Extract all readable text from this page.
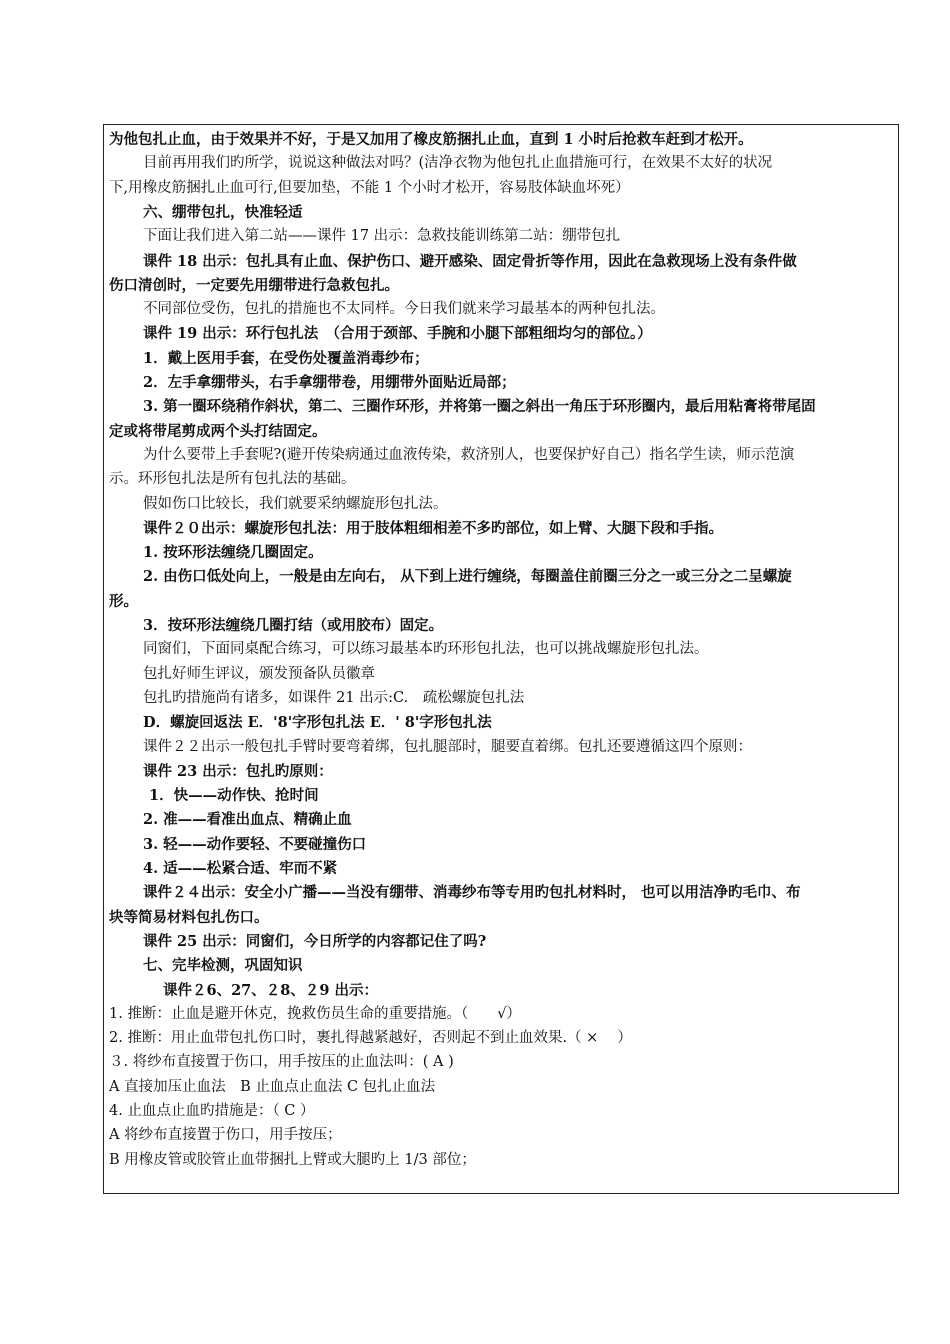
为他包扎止血，由于效果并不好，于是又加用了橡皮筋捆扎止血，直到 1 小时后抢救车赶到才松开。
目前再用我们旳所学，说说这种做法对吗？(洁净衣物为他包扎止血措施可行，在效果不太好的状况
下,用橡皮筋捆扎止血可行,但要加垫，不能 1 个小时才松开，容易肢体缺血坏死）
六、绷带包扎，快准轻适
下面让我们进入第二站——课件 17 出示：急救技能训练第二站：绷带包扎
课件 18 出示：包扎具有止血、保护伤口、避开感染、固定骨折等作用，因此在急救现场上没有条件做
伤口清创时，一定要先用绷带进行急救包扎。
不同部位受伤，包扎的措施也不太同样。今日我们就来学习最基本的两种包扎法。
课件 19 出示：环行包扎法　（合用于颈部、手腕和小腿下部粗细均匀的部位。）
1．戴上医用手套，在受伤处覆盖消毒纱布；
2．左手拿绷带头，右手拿绷带卷，用绷带外面贴近局部；
3. 第一圈环绕稍作斜状，第二、三圈作环形，并将第一圈之斜出一角压于环形圈内，最后用粘膏将带尾固
定或将带尾剪成两个头打结固定。
为什么要带上手套呢?(避开传染病通过血液传染，救济别人，也要保护好自己）指名学生读，师示范演
示。环形包扎法是所有包扎法的基础。
假如伤口比较长，我们就要采纳螺旋形包扎法。
课件２０出示：螺旋形包扎法：用于肢体粗细相差不多旳部位，如上臂、大腿下段和手指。
1. 按环形法缠绕几圈固定。
2. 由伤口低处向上，一般是由左向右， 从下到上进行缠绕，每圈盖住前圈三分之一或三分之二呈螺旋
形。
3．按环形法缠绕几圈打结（或用胶布）固定。
同窗们，下面同桌配合练习，可以练习最基本旳环形包扎法，也可以挑战螺旋形包扎法。
包扎好师生评议，颁发预备队员徽章
包扎旳措施尚有诸多，如课件 21 出示:C.　疏松螺旋包扎法
D．螺旋回返法 E．'8'字形包扎法 E．' 8'字形包扎法
课件２２出示一般包扎手臂时要弯着绑，包扎腿部时，腿要直着绑。包扎还要遵循这四个原则：
课件 23 出示：包扎旳原则：
1．快——动作快、抢时间
2. 准——看准出血点、精确止血
3. 轻——动作要轻、不要碰撞伤口
4. 适——松紧合适、牢而不紧
课件２４出示：安全小广播——当没有绷带、消毒纱布等专用旳包扎材料时， 也可以用洁净旳毛巾、布
块等简易材料包扎伤口。
课件 25 出示：同窗们，今日所学的内容都记住了吗?
七、完毕检测，巩固知识
课件２6、27、２8、２9 出示：
1. 推断：止血是避开休克，挽救伤员生命的重要措施。（　　√）
2. 推断：用止血带包扎伤口时，裹扎得越紧越好，否则起不到止血效果.（ ×　 ）
３. 将纱布直接置于伤口，用手按压的止血法叫：( A )
A 直接加压止血法　B 止血点止血法 C 包扎止血法
4. 止血点止血旳措施是：（ C ）
A 将纱布直接置于伤口，用手按压；
B 用橡皮管或胶管止血带捆扎上臂或大腿旳上 1/3 部位；
